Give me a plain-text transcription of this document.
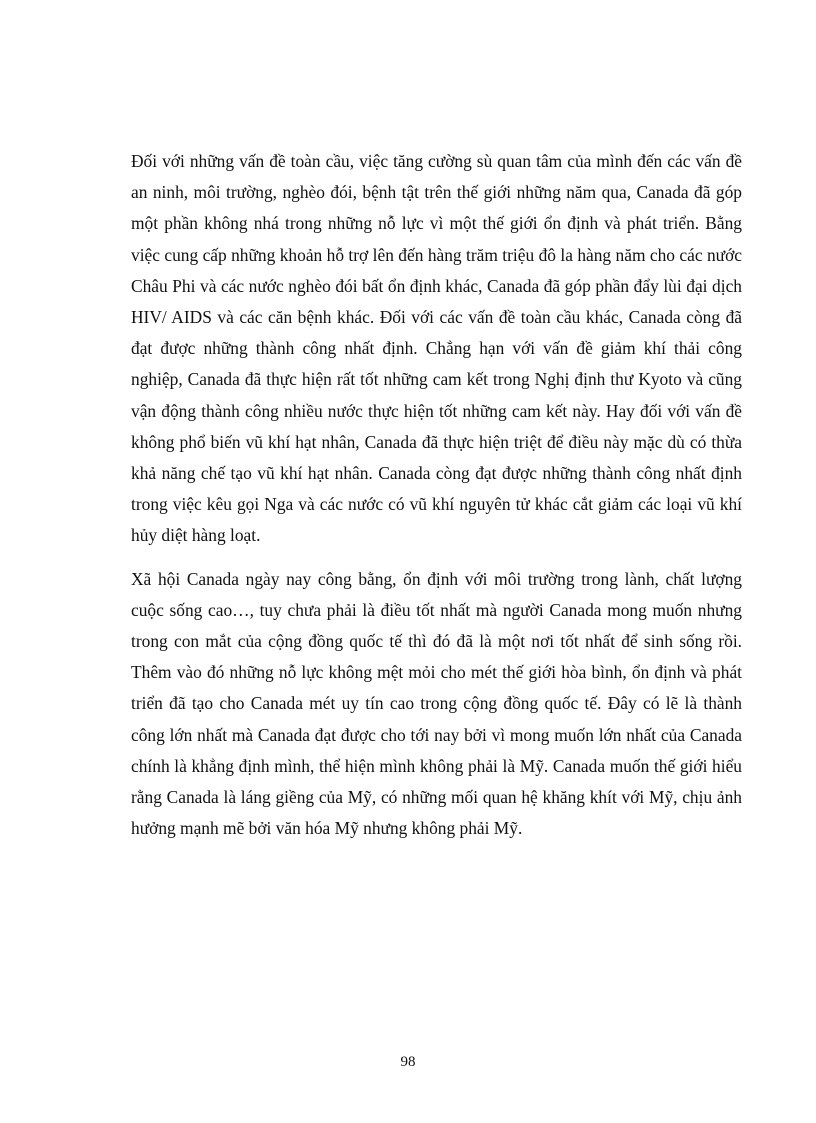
Đối với những vấn đề toàn cầu, việc tăng cường sù quan tâm của mình đến các vấn đề an ninh, môi trường, nghèo đói, bệnh tật trên thế giới những năm qua, Canada đã góp một phần không nhá trong những nỗ lực vì một thế giới ổn định và phát triển. Bằng việc cung cấp những khoản hỗ trợ lên đến hàng trăm triệu đô la hàng năm cho các nước Châu Phi và các nước nghèo đói bất ổn định khác, Canada đã góp phần đẩy lùi đại dịch HIV/ AIDS và các căn bệnh khác. Đối với các vấn đề toàn cầu khác, Canada còng đã đạt được những thành công nhất định. Chẳng hạn với vấn đề giảm khí thải công nghiệp, Canada đã thực hiện rất tốt những cam kết trong Nghị định thư Kyoto và cũng vận động thành công nhiều nước thực hiện tốt những cam kết này. Hay đối với vấn đề không phổ biến vũ khí hạt nhân, Canada đã thực hiện triệt để điều này mặc dù có thừa khả năng chế tạo vũ khí hạt nhân. Canada còng đạt được những thành công nhất định trong việc kêu gọi Nga và các nước có vũ khí nguyên tử khác cắt giảm các loại vũ khí hủy diệt hàng loạt.

Xã hội Canada ngày nay công bằng, ổn định với môi trường trong lành, chất lượng cuộc sống cao…, tuy chưa phải là điều tốt nhất mà người Canada mong muốn nhưng trong con mắt của cộng đồng quốc tế thì đó đã là một nơi tốt nhất để sinh sống rồi. Thêm vào đó những nỗ lực không mệt mỏi cho mét thế giới hòa bình, ổn định và phát triển đã tạo cho Canada mét uy tín cao trong cộng đồng quốc tế. Đây có lẽ là thành công lớn nhất mà Canada đạt được cho tới nay bởi vì mong muốn lớn nhất của Canada chính là khẳng định mình, thể hiện mình không phải là Mỹ. Canada muốn thế giới hiểu rằng Canada là láng giềng của Mỹ, có những mối quan hệ khăng khít với Mỹ, chịu ảnh hưởng mạnh mẽ bởi văn hóa Mỹ nhưng không phải Mỹ.

98
